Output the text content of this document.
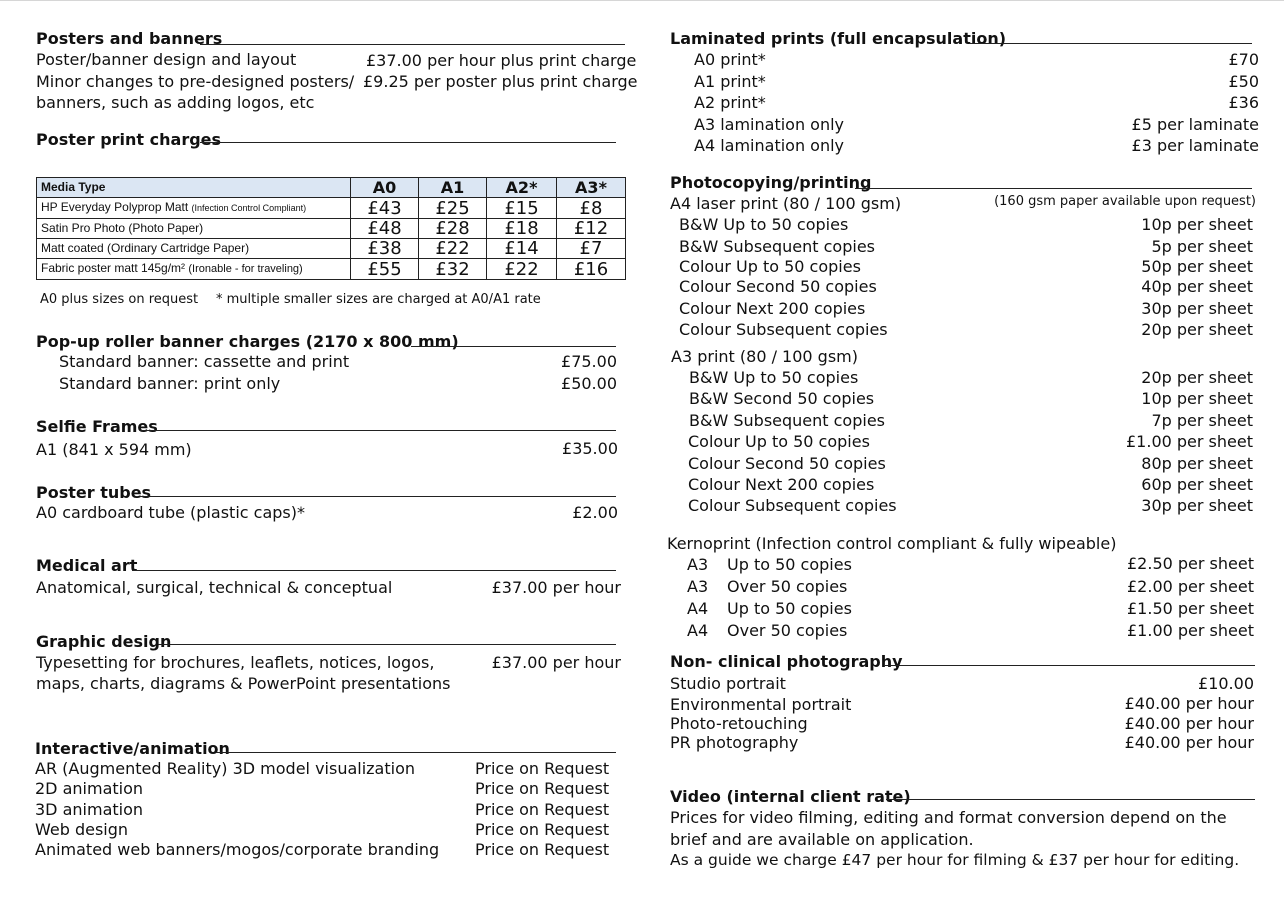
Posters and banners
Poster/banner design and layout	£37.00 per hour plus print charge
Minor changes to pre-designed posters/ £9.25 per poster plus print charge
banners, such as adding logos, etc
Poster print charges
Media Type	A0	A1	A2*	A3*
HP Everyday Polyprop Matt (Infection Control Compliant)	£43	£25	£15	£8
Satin Pro Photo (Photo Paper)	£48	£28	£18	£12
Matt coated (Ordinary Cartridge Paper)	£38	£22	£14	£7
Fabric poster matt 145g/m² (Ironable - for traveling)	£55	£32	£22	£16
A0 plus sizes on request * multiple smaller sizes are charged at A0/A1 rate
Pop-up roller banner charges (2170 x 800 mm)
Standard banner: cassette and print	£75.00
Standard banner: print only	£50.00
Selfie Frames
A1 (841 x 594 mm)	£35.00
Poster tubes
A0 cardboard tube (plastic caps)*	£2.00
Medical art
Anatomical, surgical, technical & conceptual	£37.00 per hour
Graphic design
Typesetting for brochures, leaflets, notices, logos,	£37.00 per hour
maps, charts, diagrams & PowerPoint presentations
Interactive/animation
AR (Augmented Reality) 3D model visualization	Price on Request
2D animation	Price on Request
3D animation	Price on Request
Web design	Price on Request
Animated web banners/mogos/corporate branding Price on Request
Laminated prints (full encapsulation)
A0 print*	£70
A1 print*	£50
A2 print*	£36
A3 lamination only	£5 per laminate
A4 lamination only	£3 per laminate
Photocopying/printing
A4 laser print (80 / 100 gsm)	(160 gsm paper available upon request)
B&W Up to 50 copies	10p per sheet
B&W Subsequent copies	5p per sheet
Colour Up to 50 copies	50p per sheet
Colour Second 50 copies	40p per sheet
Colour Next 200 copies	30p per sheet
Colour Subsequent copies	20p per sheet
A3 print (80 / 100 gsm)
B&W Up to 50 copies	20p per sheet
B&W Second 50 copies	10p per sheet
B&W Subsequent copies	7p per sheet
Colour Up to 50 copies	£1.00 per sheet
Colour Second 50 copies	80p per sheet
Colour Next 200 copies	60p per sheet
Colour Subsequent copies	30p per sheet
Kernoprint (Infection control compliant & fully wipeable)
A3 Up to 50 copies	£2.50 per sheet
A3 Over 50 copies	£2.00 per sheet
A4 Up to 50 copies	£1.50 per sheet
A4 Over 50 copies	£1.00 per sheet
Non- clinical photography
Studio portrait	£10.00
Environmental portrait	£40.00 per hour
Photo-retouching	£40.00 per hour
PR photography	£40.00 per hour
Video (internal client rate)
Prices for video filming, editing and format conversion depend on the
brief and are available on application.
As a guide we charge £47 per hour for filming & £37 per hour for editing.
